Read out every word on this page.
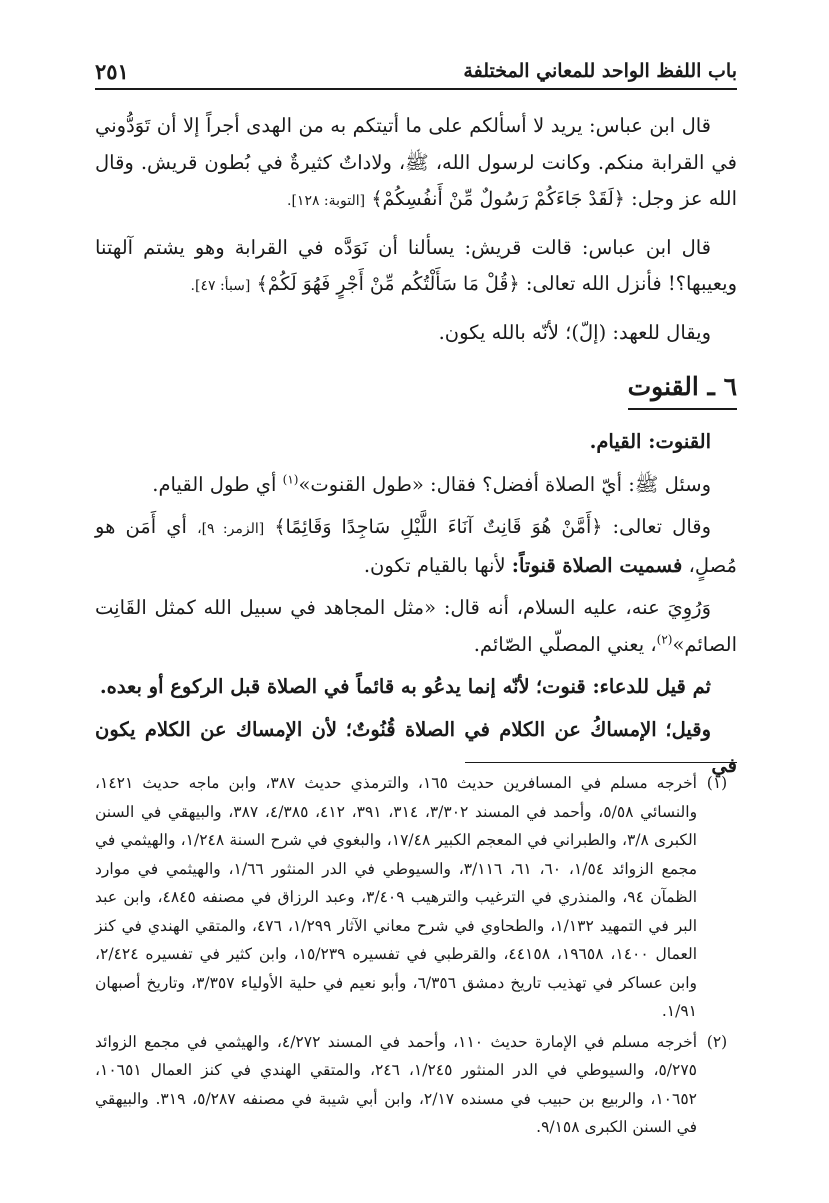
باب اللفظ الواحد للمعاني المختلفة
٢٥١

قال ابن عباس: يريد لا أسألكم على ما أتيتكم به من الهدى أجراً إلا أن تَوَدُّوني في القرابة منكم. وكانت لرسول الله، ﷺ، ولاداتٌ كثيرةٌ في بُطون قريش. وقال الله عز وجل: ﴿لَقَدْ جَاءَكُمْ رَسُولٌ مِّنْ أَنفُسِكُمْ﴾ [التوبة: ١٢٨].

قال ابن عباس: قالت قريش: يسألنا أن نَوَدَّه في القرابة وهو يشتم آلهتنا ويعيبها؟! فأنزل الله تعالى: ﴿قُلْ مَا سَأَلْتُكُم مِّنْ أَجْرٍ فَهُوَ لَكُمْ﴾ [سبأ: ٤٧].

ويقال للعهد: (إلّ)؛ لأنّه بالله يكون.

٦ ـ القنوت

القنوت: القيام.

وسئل ﷺ: أيّ الصلاة أفضل؟ فقال: «طول القنوت»$^{(١)}$ أي طول القيام.

وقال تعالى: ﴿أَمَّنْ هُوَ قَانِتٌ آنَاءَ اللَّيْلِ سَاجِدًا وَقَائِمًا﴾ [الزمر: ٩]، أي أَمَن هو مُصلٍ، فسميت الصلاة قنوتاً: لأنها بالقيام تكون.

وَرُوِيَ عنه، عليه السلام، أنه قال: «مثل المجاهد في سبيل الله كمثل القَانِت الصائم»$^{(٢)}$، يعني المصلّي الصّائم.

ثم قيل للدعاء: قنوت؛ لأنّه إنما يدعُو به قائماً في الصلاة قبل الركوع أو بعده.

وقيل؛ الإمساكُ عن الكلام في الصلاة قُنُوتٌ؛ لأن الإمساك عن الكلام يكون في

(١)
أخرجه مسلم في المسافرين حديث ١٦٥، والترمذي حديث ٣٨٧، وابن ماجه حديث ١٤٢١، والنسائي ٥/٥٨، وأحمد في المسند ٣/٣٠٢، ٣١٤، ٣٩١، ٤١٢، ٤/٣٨٥، ٣٨٧، والبيهقي في السنن الكبرى ٣/٨، والطبراني في المعجم الكبير ١٧/٤٨، والبغوي في شرح السنة ١/٢٤٨، والهيثمي في مجمع الزوائد ١/٥٤، ٦٠، ٦١، ٣/١١٦، والسيوطي في الدر المنثور ١/٦٦، والهيثمي في موارد الظمآن ٩٤، والمنذري في الترغيب والترهيب ٣/٤٠٩، وعبد الرزاق في مصنفه ٤٨٤٥، وابن عبد البر في التمهيد ١/١٣٢، والطحاوي في شرح معاني الآثار ١/٢٩٩، ٤٧٦، والمتقي الهندي في كنز العمال ١٤٠٠، ١٩٦٥٨، ٤٤١٥٨، والقرطبي في تفسيره ١٥/٢٣٩، وابن كثير في تفسيره ٢/٤٢٤، وابن عساكر في تهذيب تاريخ دمشق ٦/٣٥٦، وأبو نعيم في حلية الأولياء ٣/٣٥٧، وتاريخ أصبهان ١/٩١.
(٢)
أخرجه مسلم في الإمارة حديث ١١٠، وأحمد في المسند ٤/٢٧٢، والهيثمي في مجمع الزوائد ٥/٢٧٥، والسيوطي في الدر المنثور ١/٢٤٥، ٢٤٦، والمتقي الهندي في كنز العمال ١٠٦٥١، ١٠٦٥٢، والربيع بن حبيب في مسنده ٢/١٧، وابن أبي شيبة في مصنفه ٥/٢٨٧، ٣١٩. والبيهقي في السنن الكبرى ٩/١٥٨.
